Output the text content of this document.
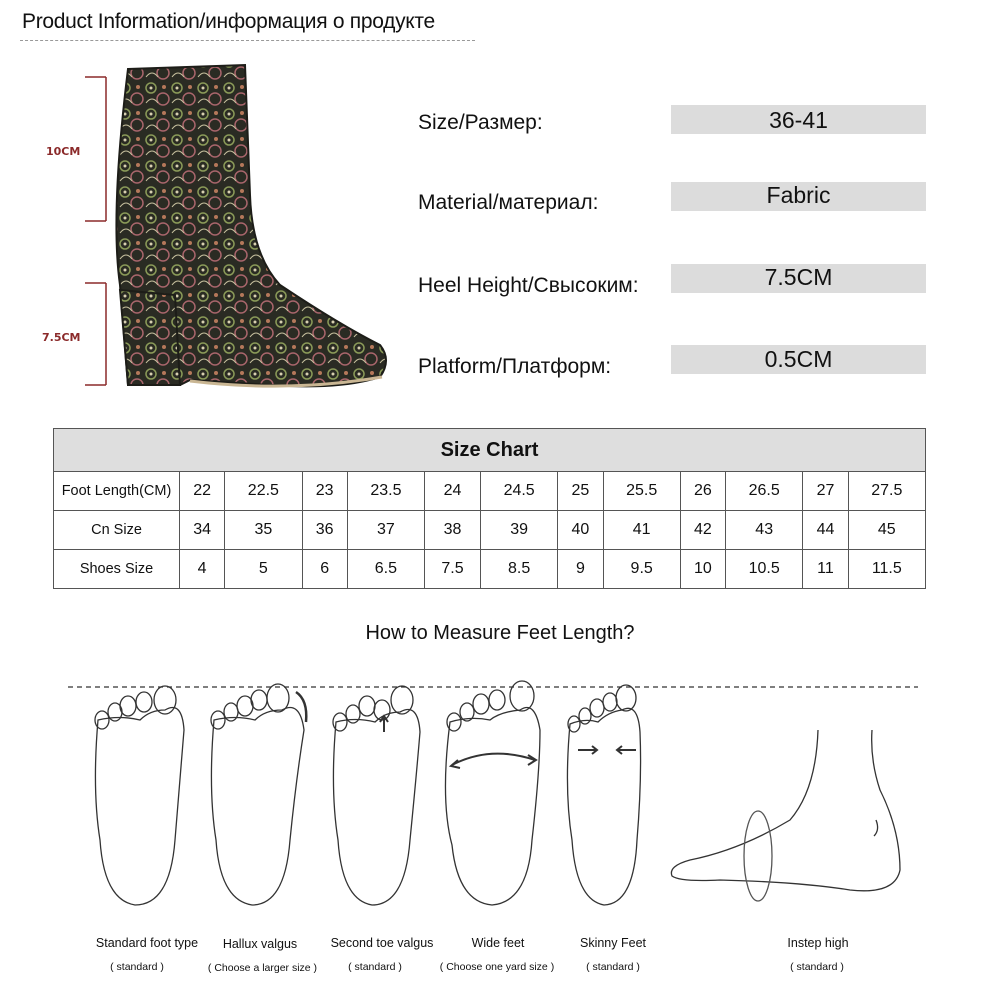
Product Information/информация о продукте
10CM
7.5CM
Size/Размер:	36-41
Material/материал:	Fabric
Heel Height/Свысоким:	7.5CM
Platform/Платформ:	0.5CM
Size Chart												
Foot Length(CM)	22	22.5	23	23.5	24	24.5	25	25.5	26	26.5	27	27.5
Cn Size	34	35	36	37	38	39	40	41	42	43	44	45
Shoes Size	4	5	6	6.5	7.5	8.5	9	9.5	10	10.5	11	11.5
How to Measure Feet Length?
Standard foot type
( standard )
Hallux valgus
( Choose a larger size )
Second toe valgus
( standard )
Wide feet
( Choose one yard size )
Skinny Feet
( standard )
Instep high
( standard )
